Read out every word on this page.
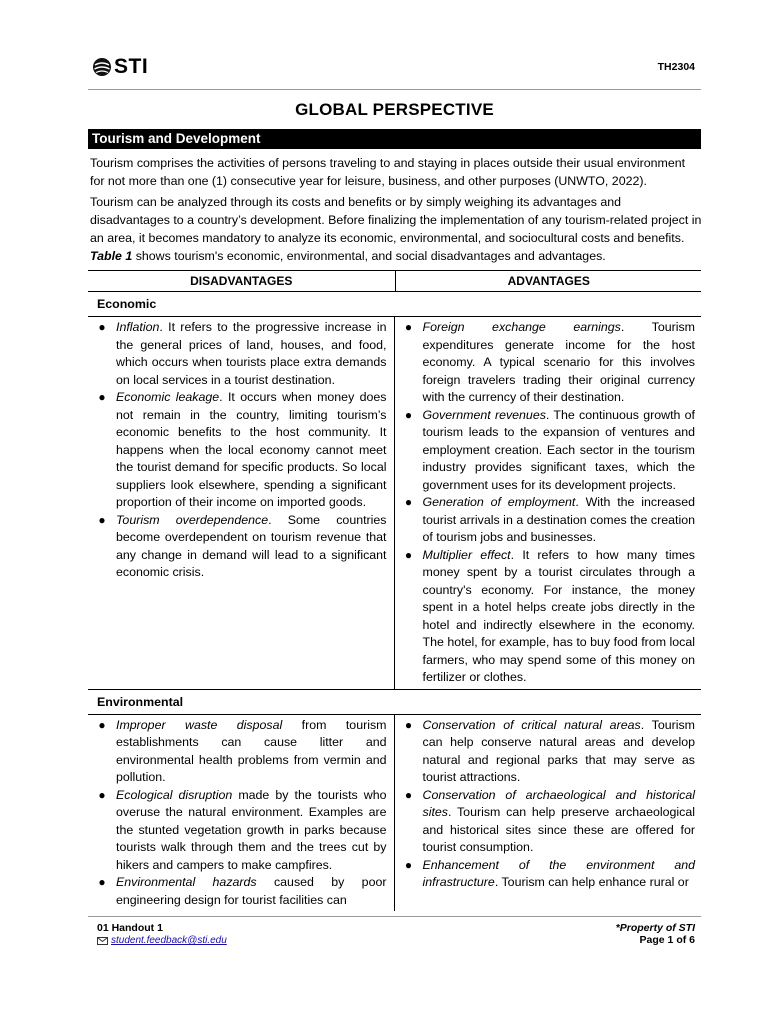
STI	TH2304
GLOBAL PERSPECTIVE
Tourism and Development
Tourism comprises the activities of persons traveling to and staying in places outside their usual environment for not more than one (1) consecutive year for leisure, business, and other purposes (UNWTO, 2022).
Tourism can be analyzed through its costs and benefits or by simply weighing its advantages and disadvantages to a country’s development. Before finalizing the implementation of any tourism-related project in an area, it becomes mandatory to analyze its economic, environmental, and sociocultural costs and benefits. Table 1 shows tourism's economic, environmental, and social disadvantages and advantages.
DISADVANTAGES	ADVANTAGES
Economic
● Inflation. It refers to the progressive increase in the general prices of land, houses, and food, which occurs when tourists place extra demands on local services in a tourist destination.
● Economic leakage. It occurs when money does not remain in the country, limiting tourism’s economic benefits to the host community. It happens when the local economy cannot meet the tourist demand for specific products. So local suppliers look elsewhere, spending a significant proportion of their income on imported goods.
● Tourism overdependence. Some countries become overdependent on tourism revenue that any change in demand will lead to a significant economic crisis.
● Foreign exchange earnings. Tourism expenditures generate income for the host economy. A typical scenario for this involves foreign travelers trading their original currency with the currency of their destination.
● Government revenues. The continuous growth of tourism leads to the expansion of ventures and employment creation. Each sector in the tourism industry provides significant taxes, which the government uses for its development projects.
● Generation of employment. With the increased tourist arrivals in a destination comes the creation of tourism jobs and businesses.
● Multiplier effect. It refers to how many times money spent by a tourist circulates through a country's economy. For instance, the money spent in a hotel helps create jobs directly in the hotel and indirectly elsewhere in the economy. The hotel, for example, has to buy food from local farmers, who may spend some of this money on fertilizer or clothes.
Environmental
● Improper waste disposal from tourism establishments can cause litter and environmental health problems from vermin and pollution.
● Ecological disruption made by the tourists who overuse the natural environment. Examples are the stunted vegetation growth in parks because tourists walk through them and the trees cut by hikers and campers to make campfires.
● Environmental hazards caused by poor engineering design for tourist facilities can
● Conservation of critical natural areas. Tourism can help conserve natural areas and develop natural and regional parks that may serve as tourist attractions.
● Conservation of archaeological and historical sites. Tourism can help preserve archaeological and historical sites since these are offered for tourist consumption.
● Enhancement of the environment and infrastructure. Tourism can help enhance rural or
01 Handout 1
student.feedback@sti.edu
*Property of STI
Page 1 of 6
